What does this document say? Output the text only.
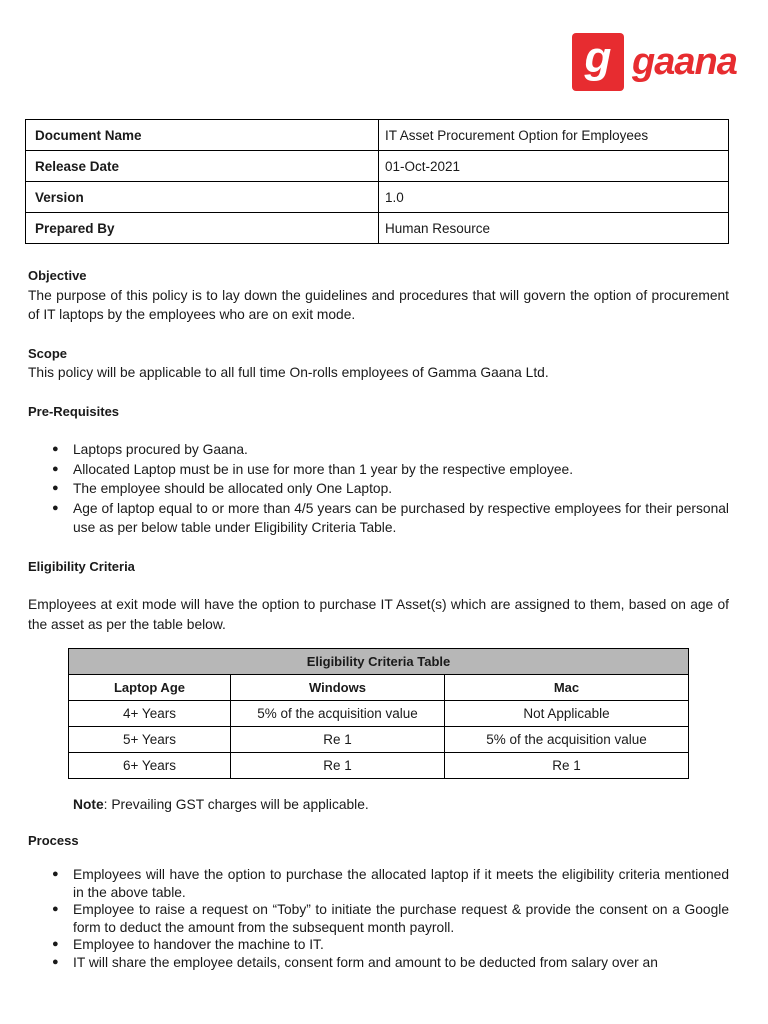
g gaana
Document Name	IT Asset Procurement Option for Employees
Release Date	01-Oct-2021
Version	1.0
Prepared By	Human Resource
Objective

The purpose of this policy is to lay down the guidelines and procedures that will govern the option of procurement of IT laptops by the employees who are on exit mode.

Scope

This policy will be applicable to all full time On-rolls employees of Gamma Gaana Ltd.

Pre-Requisites
● Laptops procured by Gaana.
● Allocated Laptop must be in use for more than 1 year by the respective employee.
● The employee should be allocated only One Laptop.
● Age of laptop equal to or more than 4/5 years can be purchased by respective employees for their personal use as per below table under Eligibility Criteria Table.
Eligibility Criteria

Employees at exit mode will have the option to purchase IT Asset(s) which are assigned to them, based on age of the asset as per the table below.

Eligibility Criteria Table		
Laptop Age	Windows	Mac
4+ Years	5% of the acquisition value	Not Applicable
5+ Years	Re 1	5% of the acquisition value
6+ Years	Re 1	Re 1
Note: Prevailing GST charges will be applicable.
Process
● Employees will have the option to purchase the allocated laptop if it meets the eligibility criteria mentioned in the above table.
● Employee to raise a request on “Toby” to initiate the purchase request & provide the consent on a Google form to deduct the amount from the subsequent month payroll.
● Employee to handover the machine to IT.
● IT will share the employee details, consent form and amount to be deducted from salary over an
